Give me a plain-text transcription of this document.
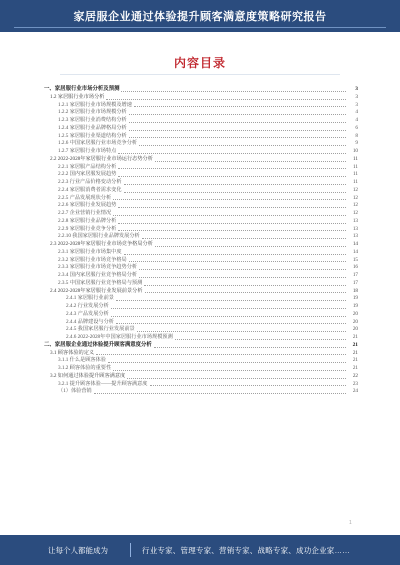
家居服企业通过体验提升顾客满意度策略研究报告
内容目录
一、家居服行业市场分析及预测	3
1.2 家居服行业市场分析	3
1.2.1 家居服行业市场规模及增速	3
1.2.2 家居服行业市场规模分析	4
1.2.3 家居服行业消费结构分析	4
1.2.4 家居服行业品牌格局分析	6
1.2.5 家居服行业渠道结构分析	8
1.2.6 中国家居服行业市场竞争分析	9
1.2.7 家居服行业市场特点	10
2.2 2022-2028年家居服行业市场运行态势分析	11
2.2.1 家居服产品结构分析	11
2.2.2 国内家居服发展趋势	11
2.2.3 行业产品价格变动分析	11
2.2.4 家居服消费者需求变化	12
2.2.5 产品发展现状分析	12
2.2.6 家居服行业发展趋势	12
2.2.7 企业营销行业情况	12
2.2.8 家居服行业品牌分析	13
2.2.9 家居服行业竞争分析	13
2.2.10 我国家居服行业品牌发展分析	13
2.3 2022-2028年家居服行业市场竞争格局分析	14
2.3.1 家居服行业市场集中度	14
2.3.2 家居服行业市场竞争格局	15
2.3.3 家居服行业市场竞争趋势分析	16
2.3.4 国内家居服行业竞争格局分析	17
2.3.5 中国家居服行业竞争格局与预测	17
2.4 2022-2028年家居服行业发展前景分析	18
2.4.1 家居服行业前景	19
2.4.2 行业发展分析	19
2.4.3 产品发展分析	20
2.4.4 品牌建设与分析	20
2.4.5 我国家居服行业发展前景	20
2.4.6 2022-2028年中国家居服行业市场规模预测	21
二、家居服企业通过体验提升顾客满意度分析	21
3.1 顾客体验的定义	21
3.1.1 什么是顾客体验	21
3.1.2 顾客体验的重要性	21
3.2 如何通过体验提升顾客满意度	22
3.2.1 提升顾客体验——提升顾客满意度	23
（1）体验营销	24
1
让每个人都能成为	行业专家、管理专家、营销专家、战略专家、成功企业家……
